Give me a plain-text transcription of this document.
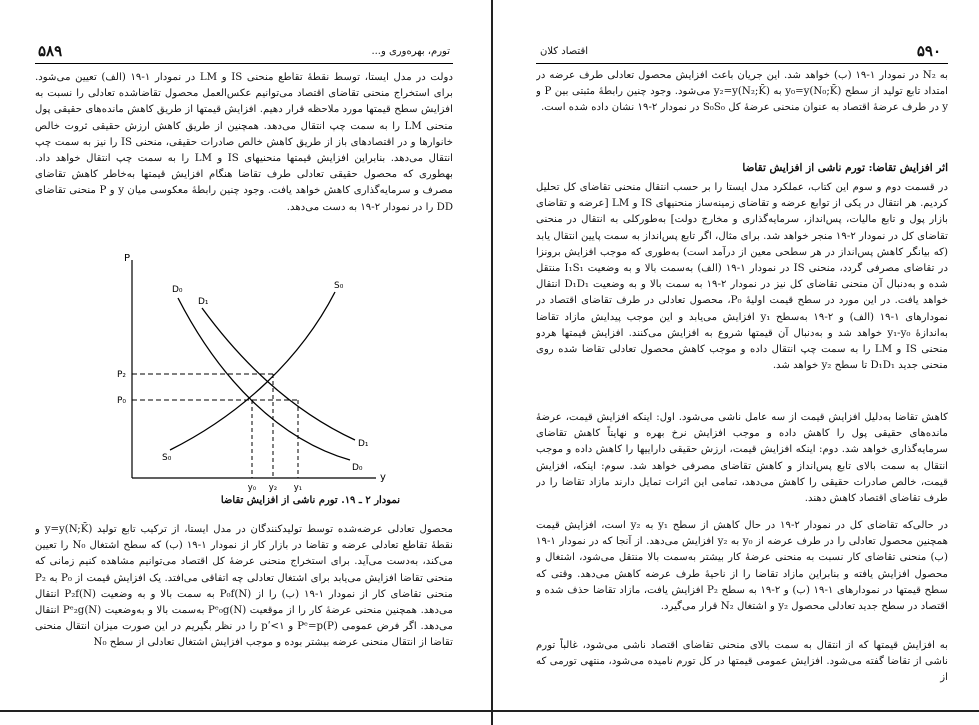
۵۸۹	تورم، بهره‌وری و...

دولت در مدل ایستا، توسط نقطهٔ تقاطع منحنی IS و LM در نمودار ۱-۱۹ (الف) تعیین می‌شود. برای استخراج منحنی تقاضای اقتصاد می‌توانیم عکس‌العمل محصول تقاضاشده تعادلی را نسبت به افزایش سطح قیمتها مورد ملاحظه قرار دهیم. افزایش قیمتها از طریق کاهش مانده‌های حقیقی پول منحنی LM را به سمت چپ انتقال می‌دهد. همچنین از طریق کاهش ارزش حقیقی ثروت خالص خانوارها و در اقتصادهای باز از طریق کاهش خالص صادرات حقیقی، منحنی IS را نیز به سمت چپ انتقال می‌دهد. بنابراین افزایش قیمتها منحنیهای IS و LM را به سمت چپ انتقال خواهد داد. بهطوری که محصول حقیقی تعادلی طرف تقاضا هنگام افزایش قیمتها به‌خاطر کاهش تقاضای مصرف و سرمایه‌گذاری کاهش خواهد یافت. وجود چنین رابطهٔ معکوسی میان y و P منحنی تقاضای DD را در نمودار ۲-۱۹ به دست می‌دهد.

P
y
D₀
D₁
S₀
S₀
D₁
D₀
P₂
P₀
y₀ y₂ y₁

نمودار ۲ ـ ۱۹. تورم ناشی از افزایش تقاضا

محصول تعادلی عرضه‌شده توسط تولیدکنندگان در مدل ایستا، از ترکیب تابع تولید y=y(N;K̄) و نقطهٔ تقاطع تعادلی عرضه و تقاضا در بازار کار از نمودار ۱-۱۹ (ب) که سطح اشتغال N₀ را تعیین می‌کند، به‌دست می‌آید. برای استخراج منحنی عرضهٔ کل اقتصاد می‌توانیم مشاهده کنیم زمانی که منحنی تقاضا افزایش می‌یابد برای اشتغال تعادلی چه اتفاقی می‌افتد. یک افزایش قیمت از P₀ به P₂ منحنی تقاضای کار از نمودار ۱-۱۹ (ب) را از P₀f(N) به سمت بالا و به وضعیت P₂f(N) انتقال می‌دهد. همچنین منحنی عرضهٔ کار را از موقعیت Pᵉ₀g(N) به‌سمت بالا و به‌وضعیت Pᵉ₂g(N) انتقال می‌دهد. اگر فرض عمومی Pᵉ=p(P) و pʹ<۱ را در نظر بگیریم در این صورت میزان انتقال منحنی تقاضا از انتقال منحنی عرضه بیشتر بوده و موجب افزایش اشتغال تعادلی از سطح N₀

اقتصاد کلان	۵۹۰

به N₂ در نمودار ۱-۱۹ (ب) خواهد شد. این جریان باعث افزایش محصول تعادلی طرف عرضه در امتداد تابع تولید از سطح y₀=y(N₀;K̄) به y₂=y(N₂;K̄) می‌شود. وجود چنین رابطهٔ مثبتی بین P و y در طرف عرضهٔ اقتصاد به عنوان منحنی عرضهٔ کل S₀S₀ در نمودار ۲-۱۹ نشان داده شده است.

اثر افزایش تقاضا: تورم ناشی از افزایش تقاضا

در قسمت دوم و سوم این کتاب، عملکرد مدل ایستا را بر حسب انتقال منحنی تقاضای کل تحلیل کردیم. هر انتقال در یکی از توابع عرضه و تقاضای زمینه‌ساز منحنیهای IS و LM [عرضه و تقاضای بازار پول و تابع مالیات، پس‌انداز، سرمایه‌گذاری و مخارج دولت] به‌طورکلی به انتقال در منحنی تقاضای کل در نمودار ۲-۱۹ منجر خواهد شد. برای مثال، اگر تابع پس‌انداز به سمت پایین انتقال یابد (که بیانگر کاهش پس‌انداز در هر سطحی معین از درآمد است) به‌طوری که موجب افزایش برونزا در تقاضای مصرفی گردد، منحنی IS در نمودار ۱-۱۹ (الف) به‌سمت بالا و به وضعیت I₁S₁ منتقل شده و به‌دنبال آن منحنی تقاضای کل نیز در نمودار ۲-۱۹ به سمت بالا و به وضعیت D₁D₁ انتقال خواهد یافت. در این مورد در سطح قیمت اولیهٔ P₀، محصول تعادلی در طرف تقاضای اقتصاد در نمودارهای ۱-۱۹ (الف) و ۲-۱۹ به‌سطح y₁ افزایش می‌یابد و این موجب پیدایش مازاد تقاضا به‌اندازهٔ y₁-y₀ خواهد شد و به‌دنبال آن قیمتها شروع به افزایش می‌کنند. افزایش قیمتها هردو منحنی IS و LM را به سمت چپ انتقال داده و موجب کاهش محصول تعادلی تقاضا شده روی منحنی جدید D₁D₁ تا سطح y₂ خواهد شد.

کاهش تقاضا به‌دلیل افزایش قیمت از سه عامل ناشی می‌شود. اول: اینکه افزایش قیمت، عرضهٔ مانده‌های حقیقی پول را کاهش داده و موجب افزایش نرخ بهره و نهایتاً کاهش تقاضای سرمایه‌گذاری خواهد شد. دوم: اینکه افزایش قیمت، ارزش حقیقی داراییها را کاهش داده و موجب انتقال به سمت بالای تابع پس‌انداز و کاهش تقاضای مصرفی خواهد شد. سوم: اینکه، افزایش قیمت، خالص صادرات حقیقی را کاهش می‌دهد، تمامی این اثرات تمایل دارند مازاد تقاضا را در طرف تقاضای اقتصاد کاهش دهند.

در حالی‌که تقاضای کل در نمودار ۲-۱۹ در حال کاهش از سطح y₁ به y₂ است، افزایش قیمت همچنین محصول تعادلی را در طرف عرضه از y₀ به y₂ افزایش می‌دهد. از آنجا که در نمودار ۱-۱۹ (ب) منحنی تقاضای کار نسبت به منحنی عرضهٔ کار بیشتر به‌سمت بالا منتقل می‌شود، اشتغال و محصول افزایش یافته و بنابراین مازاد تقاضا را از ناحیهٔ طرف عرضه کاهش می‌دهد. وقتی که سطح قیمتها در نمودارهای ۱-۱۹ (ب) و ۲-۱۹ به سطح P₂ افزایش یافت، مازاد تقاضا حذف شده و اقتصاد در سطح جدید تعادلی محصول y₂ و اشتغال N₂ قرار می‌گیرد.

به افزایش قیمتها که از انتقال به سمت بالای منحنی تقاضای اقتصاد ناشی می‌شود، غالباً تورم ناشی از تقاضا گفته می‌شود. افزایش عمومی قیمتها در کل تورم نامیده می‌شود، منتهی تورمی که از
